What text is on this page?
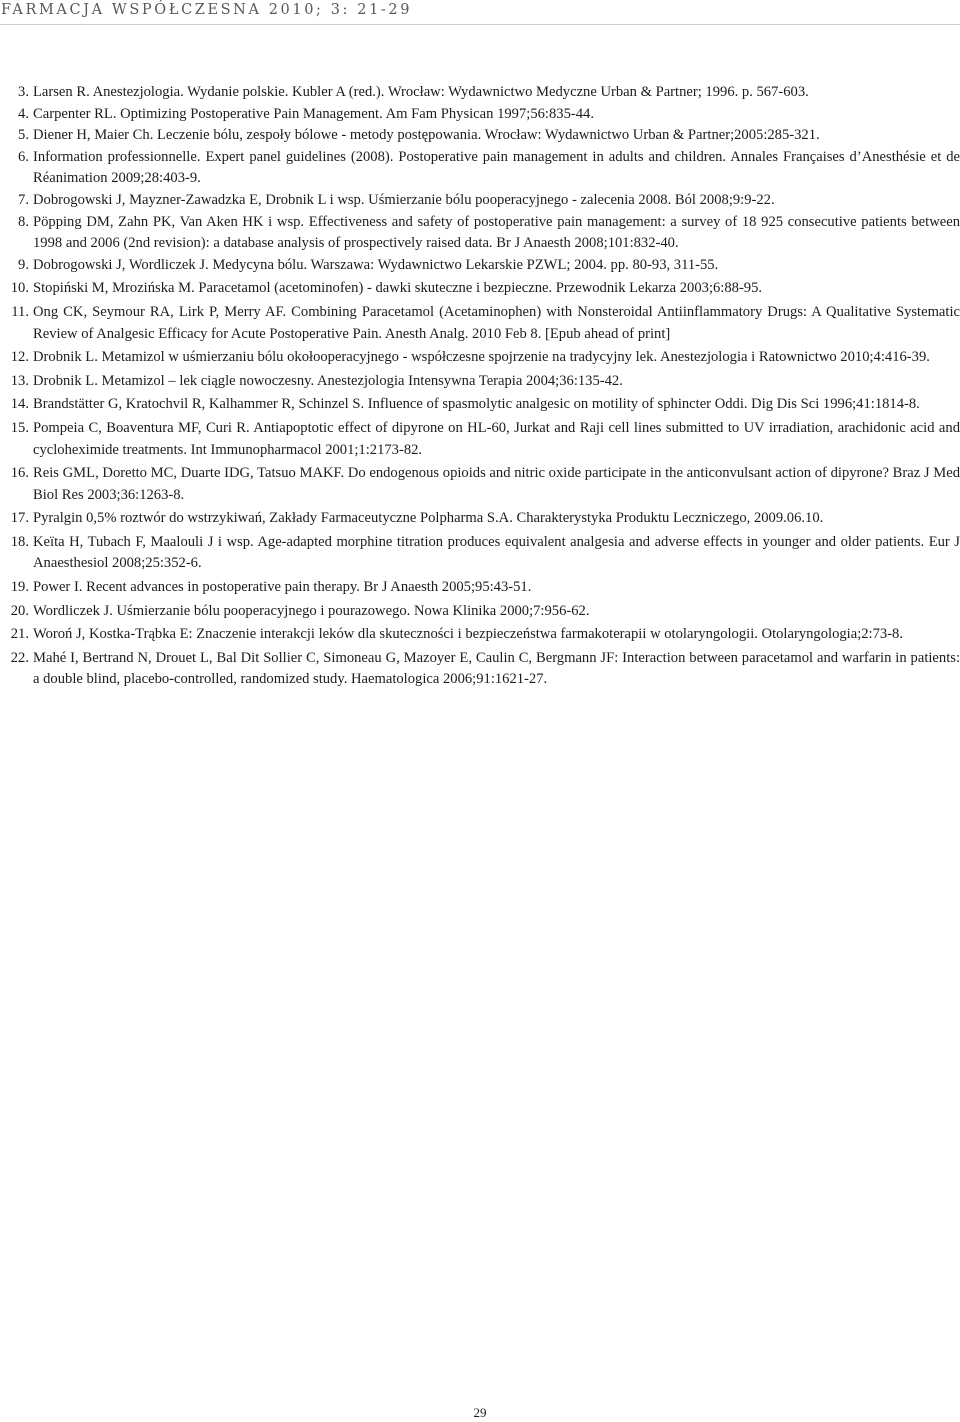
FARMACJA WSPÓŁCZESNA 2010; 3: 21-29
3. Larsen R. Anestezjologia. Wydanie polskie. Kubler A (red.). Wrocław: Wydawnictwo Medyczne Urban & Partner; 1996. p. 567-603.
4. Carpenter RL. Optimizing Postoperative Pain Management. Am Fam Physican 1997;56:835-44.
5. Diener H, Maier Ch. Leczenie bólu, zespoły bólowe - metody postępowania. Wrocław: Wydawnictwo Urban & Partner;2005:285-321.
6. Information professionnelle. Expert panel guidelines (2008). Postoperative pain management in adults and children. Annales Françaises d’Anesthésie et de Réanimation 2009;28:403-9.
7. Dobrogowski J, Mayzner-Zawadzka E, Drobnik L i wsp. Uśmierzanie bólu pooperacyjnego - zalecenia 2008. Ból 2008;9:9-22.
8. Pöpping DM, Zahn PK, Van Aken HK i wsp. Effectiveness and safety of postoperative pain management: a survey of 18 925 consecutive patients between 1998 and 2006 (2nd revision): a database analysis of prospectively raised data. Br J Anaesth 2008;101:832-40.
9. Dobrogowski J, Wordliczek J. Medycyna bólu. Warszawa: Wydawnictwo Lekarskie PZWL; 2004. pp. 80-93, 311-55.
10. Stopiński M, Mrozińska M. Paracetamol (acetominofen) - dawki skuteczne i bezpieczne. Przewodnik Lekarza 2003;6:88-95.
11. Ong CK, Seymour RA, Lirk P, Merry AF. Combining Paracetamol (Acetaminophen) with Nonsteroidal Antiinflammatory Drugs: A Qualitative Systematic Review of Analgesic Efficacy for Acute Postoperative Pain. Anesth Analg. 2010 Feb 8. [Epub ahead of print]
12. Drobnik L. Metamizol w uśmierzaniu bólu okołooperacyjnego - współczesne spojrzenie na tradycyjny lek. Anestezjologia i Ratownictwo 2010;4:416-39.
13. Drobnik L. Metamizol – lek ciągle nowoczesny. Anestezjologia Intensywna Terapia 2004;36:135-42.
14. Brandstätter G, Kratochvil R, Kalhammer R, Schinzel S. Influence of spasmolytic analgesic on motility of sphincter Oddi. Dig Dis Sci 1996;41:1814-8.
15. Pompeia C, Boaventura MF, Curi R. Antiapoptotic effect of dipyrone on HL-60, Jurkat and Raji cell lines submitted to UV irradiation, arachidonic acid and cycloheximide treatments. Int Immunopharmacol 2001;1:2173-82.
16. Reis GML, Doretto MC, Duarte IDG, Tatsuo MAKF. Do endogenous opioids and nitric oxide participate in the anticonvulsant action of dipyrone? Braz J Med Biol Res 2003;36:1263-8.
17. Pyralgin 0,5% roztwór do wstrzykiwań, Zakłady Farmaceutyczne Polpharma S.A. Charakterystyka Produktu Leczniczego, 2009.06.10.
18. Keïta H, Tubach F, Maalouli J i wsp. Age-adapted morphine titration produces equivalent analgesia and adverse effects in younger and older patients. Eur J Anaesthesiol 2008;25:352-6.
19. Power I. Recent advances in postoperative pain therapy. Br J Anaesth 2005;95:43-51.
20. Wordliczek J. Uśmierzanie bólu pooperacyjnego i pourazowego. Nowa Klinika 2000;7:956-62.
21. Woroń J, Kostka-Trąbka E: Znaczenie interakcji leków dla skuteczności i bezpieczeństwa farmakoterapii w otolaryngologii. Otolaryngologia;2:73-8.
22. Mahé I, Bertrand N, Drouet L, Bal Dit Sollier C, Simoneau G, Mazoyer E, Caulin C, Bergmann JF: Interaction between paracetamol and warfarin in patients: a double blind, placebo-controlled, randomized study. Haematologica 2006;91:1621-27.
29
